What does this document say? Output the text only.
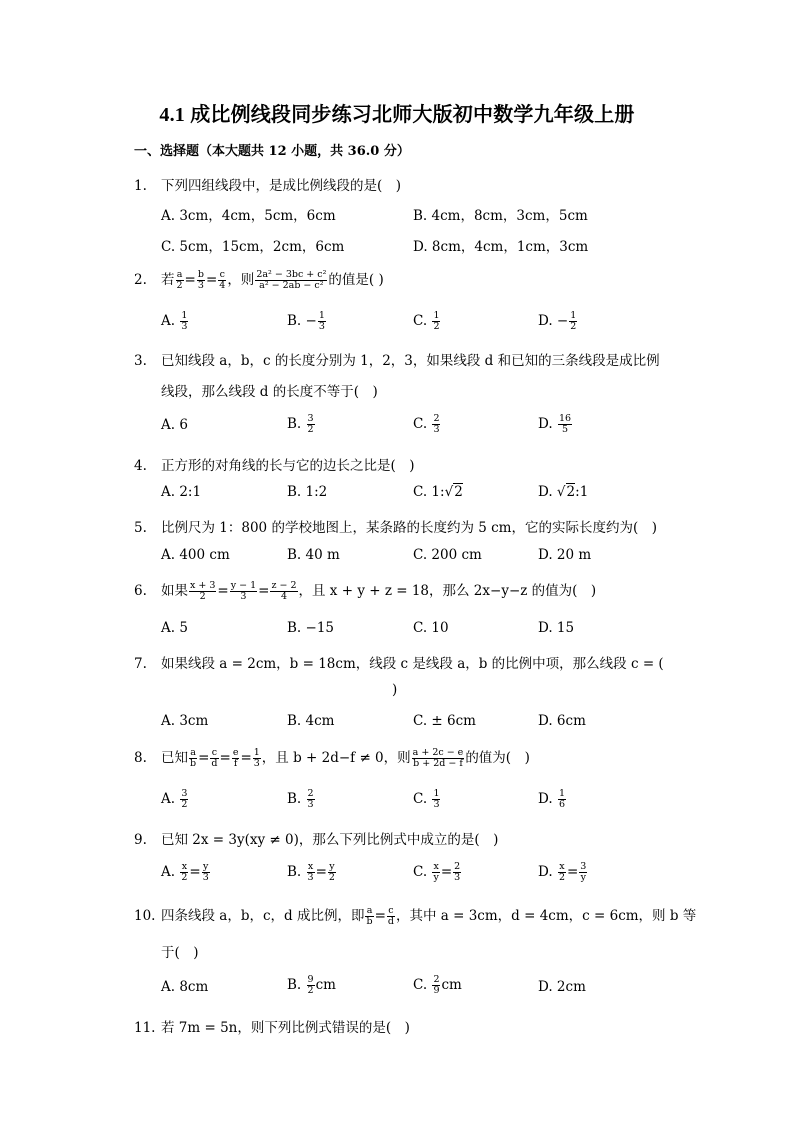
4.1 成比例线段同步练习北师大版初中数学九年级上册
一、选择题（本大题共 12 小题，共 36.0 分）
1. 下列四组线段中，是成比例线段的是(　)
A. 3cm，4cm，5cm，6cm	B. 4cm，8cm，3cm，5cm
C. 5cm，15cm，2cm，6cm	D. 8cm，4cm，1cm，3cm
2. 若 $\frac{a}{2} = \frac{b}{3} = \frac{c}{4}$ ，则 $\frac{\text{2a² − 3bc + c²}}{\text{a² − 2ab − c²}}$ 的值是( )
A. $\frac{1}{3}$	B. − $\frac{1}{3}$	C. $\frac{1}{2}$	D. − $\frac{1}{2}$
3. 已知线段 a，b，c 的长度分别为 1，2，3，如果线段 d 和已知的三条线段是成比例
线段，那么线段 d 的长度不等于(　)
A. 6	B. $\frac{3}{2}$	C. $\frac{2}{3}$	D. $\frac{16}{5}$
4. 正方形的对角线的长与它的边长之比是(　)
A. 2:1	B. 1:2	C. 1:√2	D. √2:1
5. 比例尺为 1：800 的学校地图上，某条路的长度约为 5 cm，它的实际长度约为(　)
A. 400 cm	B. 40 m	C. 200 cm	D. 20 m
6. 如果 $\frac{x + 3}{2} = \frac{y - 1}{3} = \frac{z - 2}{4}$ ，且 x + y + z = 18，那么 2x−y−z 的值为(　)
A. 5	B. −15	C. 10	D. 15
7. 如果线段 a = 2cm，b = 18cm，线段 c 是线段 a，b 的比例中项，那么线段 c = (
)
A. 3cm	B. 4cm	C. ± 6cm	D. 6cm
8. 已知 $\frac{a}{b} = \frac{c}{d} = \frac{e}{f} = \frac{1}{3}$ ，且 b + 2d−f ≠ 0，则 $\frac{a + 2c - e}{b + 2d - f}$ 的值为(　)
A. $\frac{3}{2}$	B. $\frac{2}{3}$	C. $\frac{1}{3}$	D. $\frac{1}{6}$
9. 已知 2x = 3y(xy ≠ 0)，那么下列比例式中成立的是(　)
A. $\frac{x}{2} = \frac{y}{3}$	B. $\frac{x}{3} = \frac{y}{2}$	C. $\frac{x}{y} = \frac{2}{3}$	D. $\frac{x}{2} = \frac{3}{y}$
10. 四条线段 a，b，c，d 成比例，即 $\frac{a}{b} = \frac{c}{d}$ ，其中 a = 3cm，d = 4cm，c = 6cm，则 b 等
于(　)
A. 8cm	B. $\frac{9}{2}$ cm	C. $\frac{2}{9}$ cm	D. 2cm
11. 若 7m = 5n，则下列比例式错误的是(　)
